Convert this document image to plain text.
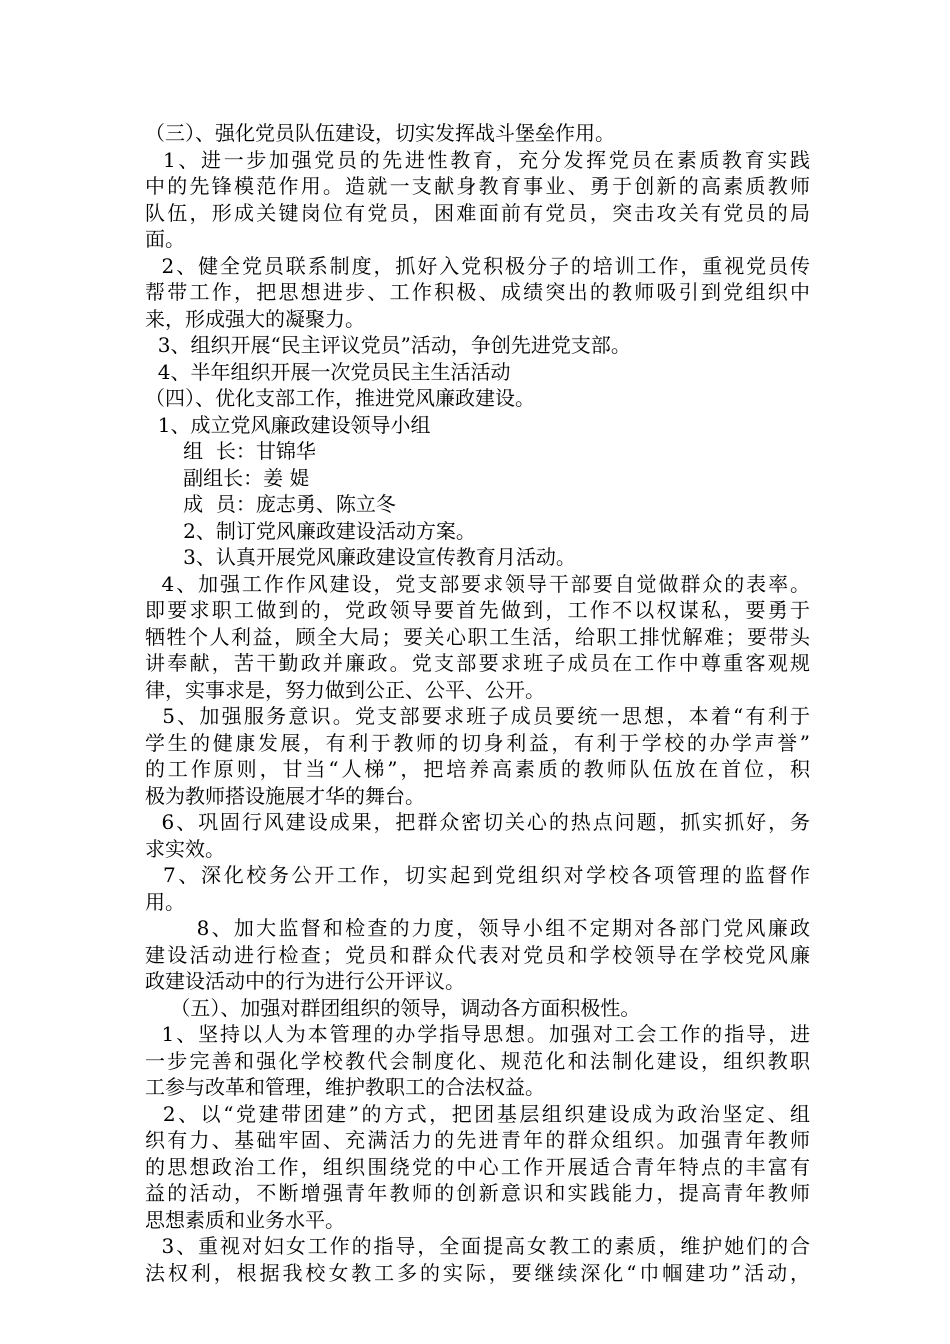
（三）、强化党员队伍建设，切实发挥战斗堡垒作用。
1、进一步加强党员的先进性教育，充分发挥党员在素质教育实践
中的先锋模范作用。造就一支献身教育事业、勇于创新的高素质教师
队伍，形成关键岗位有党员，困难面前有党员，突击攻关有党员的局
面。
2、健全党员联系制度，抓好入党积极分子的培训工作，重视党员传
帮带工作，把思想进步、工作积极、成绩突出的教师吸引到党组织中
来，形成强大的凝聚力。
3、组织开展“民主评议党员”活动，争创先进党支部。
4、半年组织开展一次党员民主生活活动
（四）、优化支部工作，推进党风廉政建设。
1、成立党风廉政建设领导小组
组  长：甘锦华
副组长：姜 媞
成  员：庞志勇、陈立冬
2、制订党风廉政建设活动方案。
3、认真开展党风廉政建设宣传教育月活动。
4、加强工作作风建设，党支部要求领导干部要自觉做群众的表率。
即要求职工做到的，党政领导要首先做到，工作不以权谋私，要勇于
牺牲个人利益，顾全大局；要关心职工生活，给职工排忧解难；要带头
讲奉献，苦干勤政并廉政。党支部要求班子成员在工作中尊重客观规
律，实事求是，努力做到公正、公平、公开。
5、加强服务意识。党支部要求班子成员要统一思想，本着“有利于
学生的健康发展，有利于教师的切身利益，有利于学校的办学声誉”
的工作原则，甘当“人梯”，把培养高素质的教师队伍放在首位，积
极为教师搭设施展才华的舞台。
6、巩固行风建设成果，把群众密切关心的热点问题，抓实抓好，务
求实效。
7、深化校务公开工作，切实起到党组织对学校各项管理的监督作
用。
8、加大监督和检查的力度，领导小组不定期对各部门党风廉政
建设活动进行检查；党员和群众代表对党员和学校领导在学校党风廉
政建设活动中的行为进行公开评议。
（五）、加强对群团组织的领导，调动各方面积极性。
1、坚持以人为本管理的办学指导思想。加强对工会工作的指导，进
一步完善和强化学校教代会制度化、规范化和法制化建设，组织教职
工参与改革和管理，维护教职工的合法权益。
2、以“党建带团建”的方式，把团基层组织建设成为政治坚定、组
织有力、基础牢固、充满活力的先进青年的群众组织。加强青年教师
的思想政治工作，组织围绕党的中心工作开展适合青年特点的丰富有
益的活动，不断增强青年教师的创新意识和实践能力，提高青年教师
思想素质和业务水平。
3、重视对妇女工作的指导，全面提高女教工的素质，维护她们的合
法权利，根据我校女教工多的实际，要继续深化“巾帼建功”活动，
